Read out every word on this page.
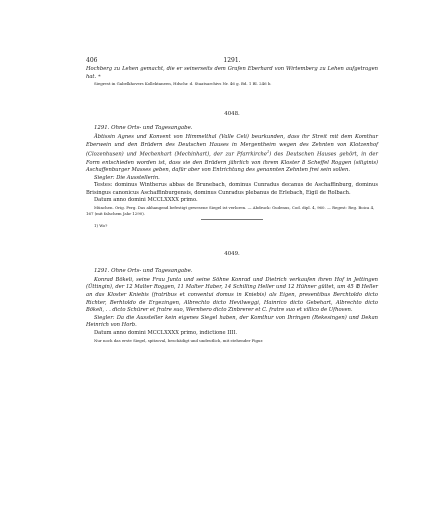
406	1291.

Hochberg zu Lehen gemacht, die er seinerseits dem Grafen Eberhard von Wirtemberg zu Lehen aufgetragen hat. *

Siegrest in Gabelkhovers Kollektaneen, Hdschr. d. Staatsarchivs Nr. 46 g. Bd. 1 Bl. 246 b.

4048.

1291. Ohne Orts- und Tagesangabe.

Äbtissin Agnes und Konvent von Himmelthal (Valle Celi) beurkunden, dass ihr Streit mit dem Komthur Eberwein und den Brüdern des Deutschen Hauses in Mergentheim wegen des Zehnten von Klotzenhof (Clozenhusen) und Mechenhart (Mechinhart), der zur Pfarrkirche$^1$) des Deutschen Hauses gehört, in der Form entschieden worden ist, dass sie den Brüdern jährlich von ihrem Kloster 8 Scheffel Roggen (siliginis) Aschaffenburger Masses geben, dafür aber von Entrichtung des genannten Zehnten frei sein sollen.

Siegler: Die Ausstellerin.

Testes: dominus Wintherus abbas de Brunebach, dominus Cunradus decanus de Aschaffinburg, dominus Brisingus canonicus Aschaffinburgensis, dominus Cunradus plebanus de Erlebach, Eigil de Rolbach.

Datum anno domini MCCLXXXX primo.

München. Orig. Perg. Das abhangend befestigt gewesene Siegel ist verloren. — Abdruck: Gudenus, Cod. dipl. 4, 960. — Regest: Reg. Boica 4, 167 (mit falschem Jahr 1290).

1) Wo?

4049.

1291. Ohne Orts- und Tagesangabe.

Konrad Bökeli, seine Frau Junta und seine Söhne Konrad und Dietrich verkaufen ihren Hof in Jettingen (Üttingin), der 12 Malter Roggen, 11 Malter Haber, 14 Schilling Heller und 12 Hühner gültet, um 45 ℔ Heller an das Kloster Kniebis (fratribus et conventui domus in Kniebis) als Eigen, presentibus Berchtoldo dicto Richter, Berhtoldo de Ergezingen, Albrechto dicto Hevilweggi, Hainrico dicto Gebehart, Albrechto dicto Bökeli, . . dicto Schürer et fratre suo, Wernhero dicto Zinbrerer et C. fratre suo et villico de Ufhoven.

Siegler: Da die Aussteller kein eigenes Siegel haben, der Komthur von Ihringen (Rekesingen) und Dekan Heinrich von Horb.

Datum anno domini MCCLXXXX primo, indictione IIII.

Nur noch das erste Siegel, spitzoval, beschädigt und undeutlich, mit stehender Figur.
